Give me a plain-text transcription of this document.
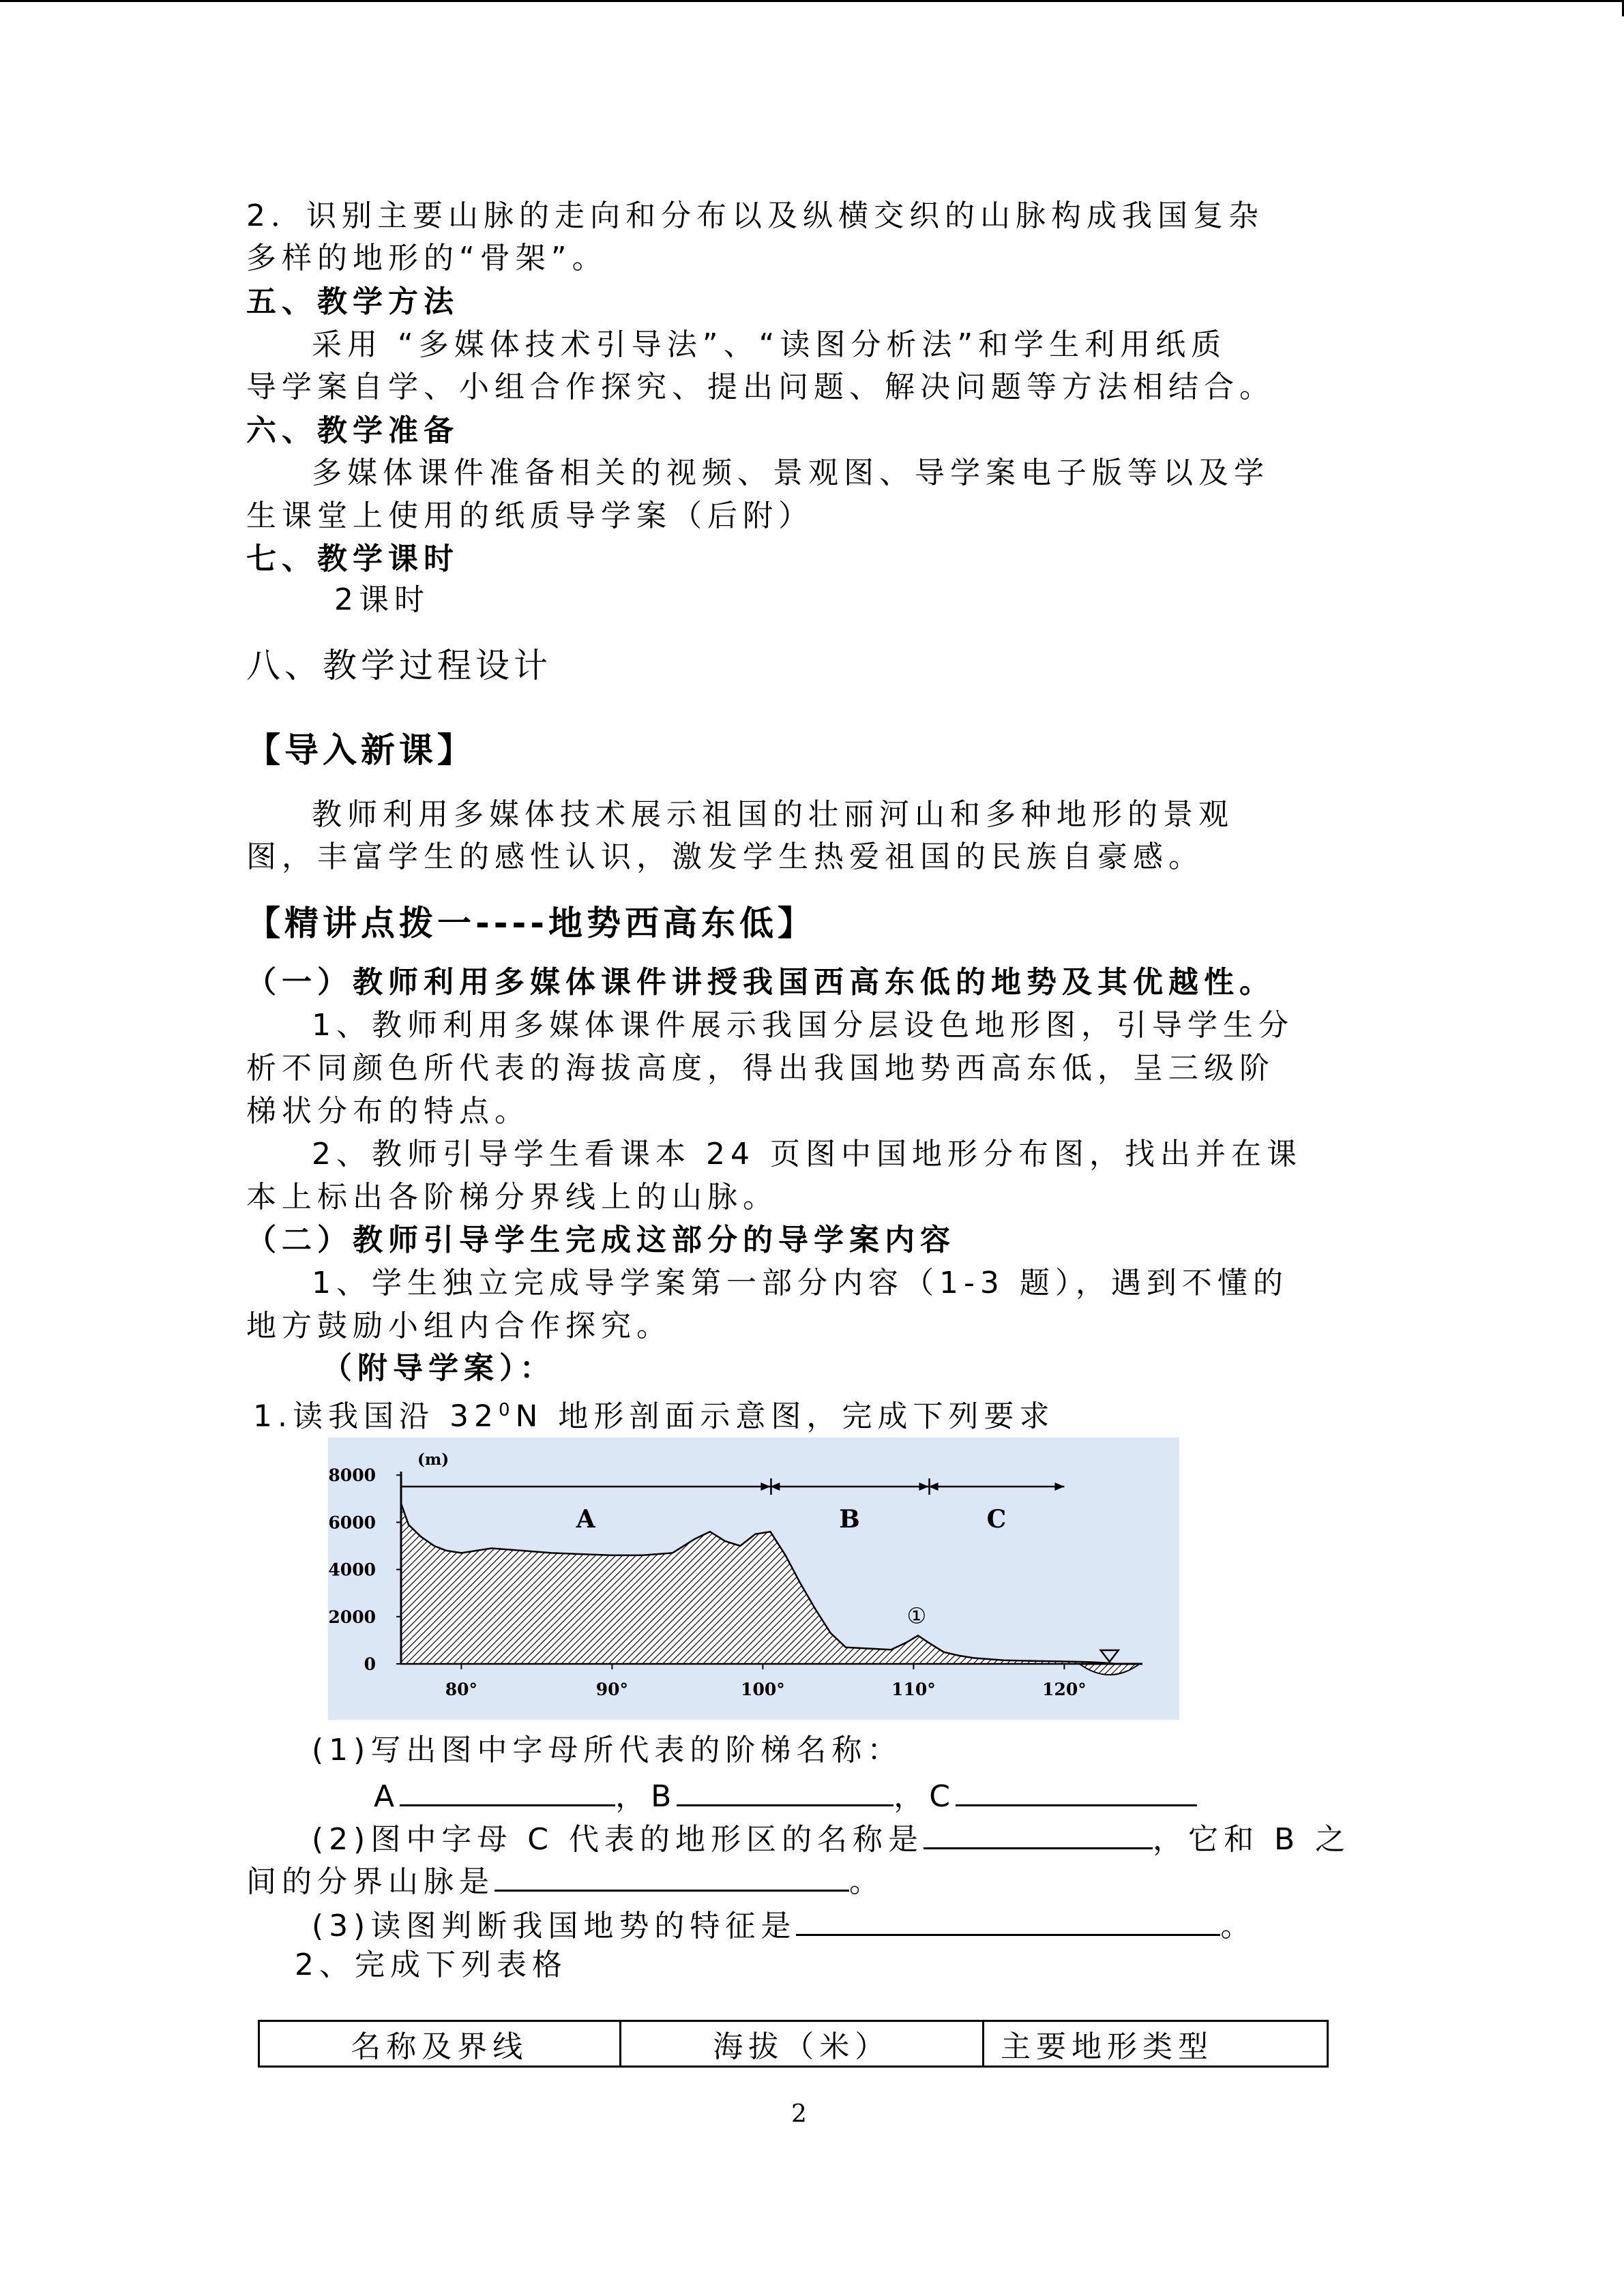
2．识别主要山脉的走向和分布以及纵横交织的山脉构成我国复杂
多样的地形的“骨架”。
五、教学方法
采用 “多媒体技术引导法”、“读图分析法”和学生利用纸质
导学案自学、小组合作探究、提出问题、解决问题等方法相结合。
六、教学准备
多媒体课件准备相关的视频、景观图、导学案电子版等以及学
生课堂上使用的纸质导学案（后附）
七、教学课时
2课时
八、教学过程设计
【导入新课】
教师利用多媒体技术展示祖国的壮丽河山和多种地形的景观
图，丰富学生的感性认识，激发学生热爱祖国的民族自豪感。
【精讲点拨一----地势西高东低】
（一）教师利用多媒体课件讲授我国西高东低的地势及其优越性。
1、教师利用多媒体课件展示我国分层设色地形图，引导学生分
析不同颜色所代表的海拔高度，得出我国地势西高东低，呈三级阶
梯状分布的特点。
2、教师引导学生看课本 24 页图中国地形分布图，找出并在课
本上标出各阶梯分界线上的山脉。
（二）教师引导学生完成这部分的导学案内容
1、学生独立完成导学案第一部分内容（1-3 题），遇到不懂的
地方鼓励小组内合作探究。
（附导学案）：
1.读我国沿 $32^0N$ 地形剖面示意图，完成下列要求
8000
6000
4000
2000
0
(m)
80°	90°	100°	110°	120°
A	B	C
①
(1)写出图中字母所代表的阶梯名称：
A	，B	，C
(2)图中字母 C 代表的地形区的名称是	，它和 B 之
间的分界山脉是	。
(3)读图判断我国地势的特征是	。
2、完成下列表格
名称及界线	海拔（米）	主要地形类型
2
